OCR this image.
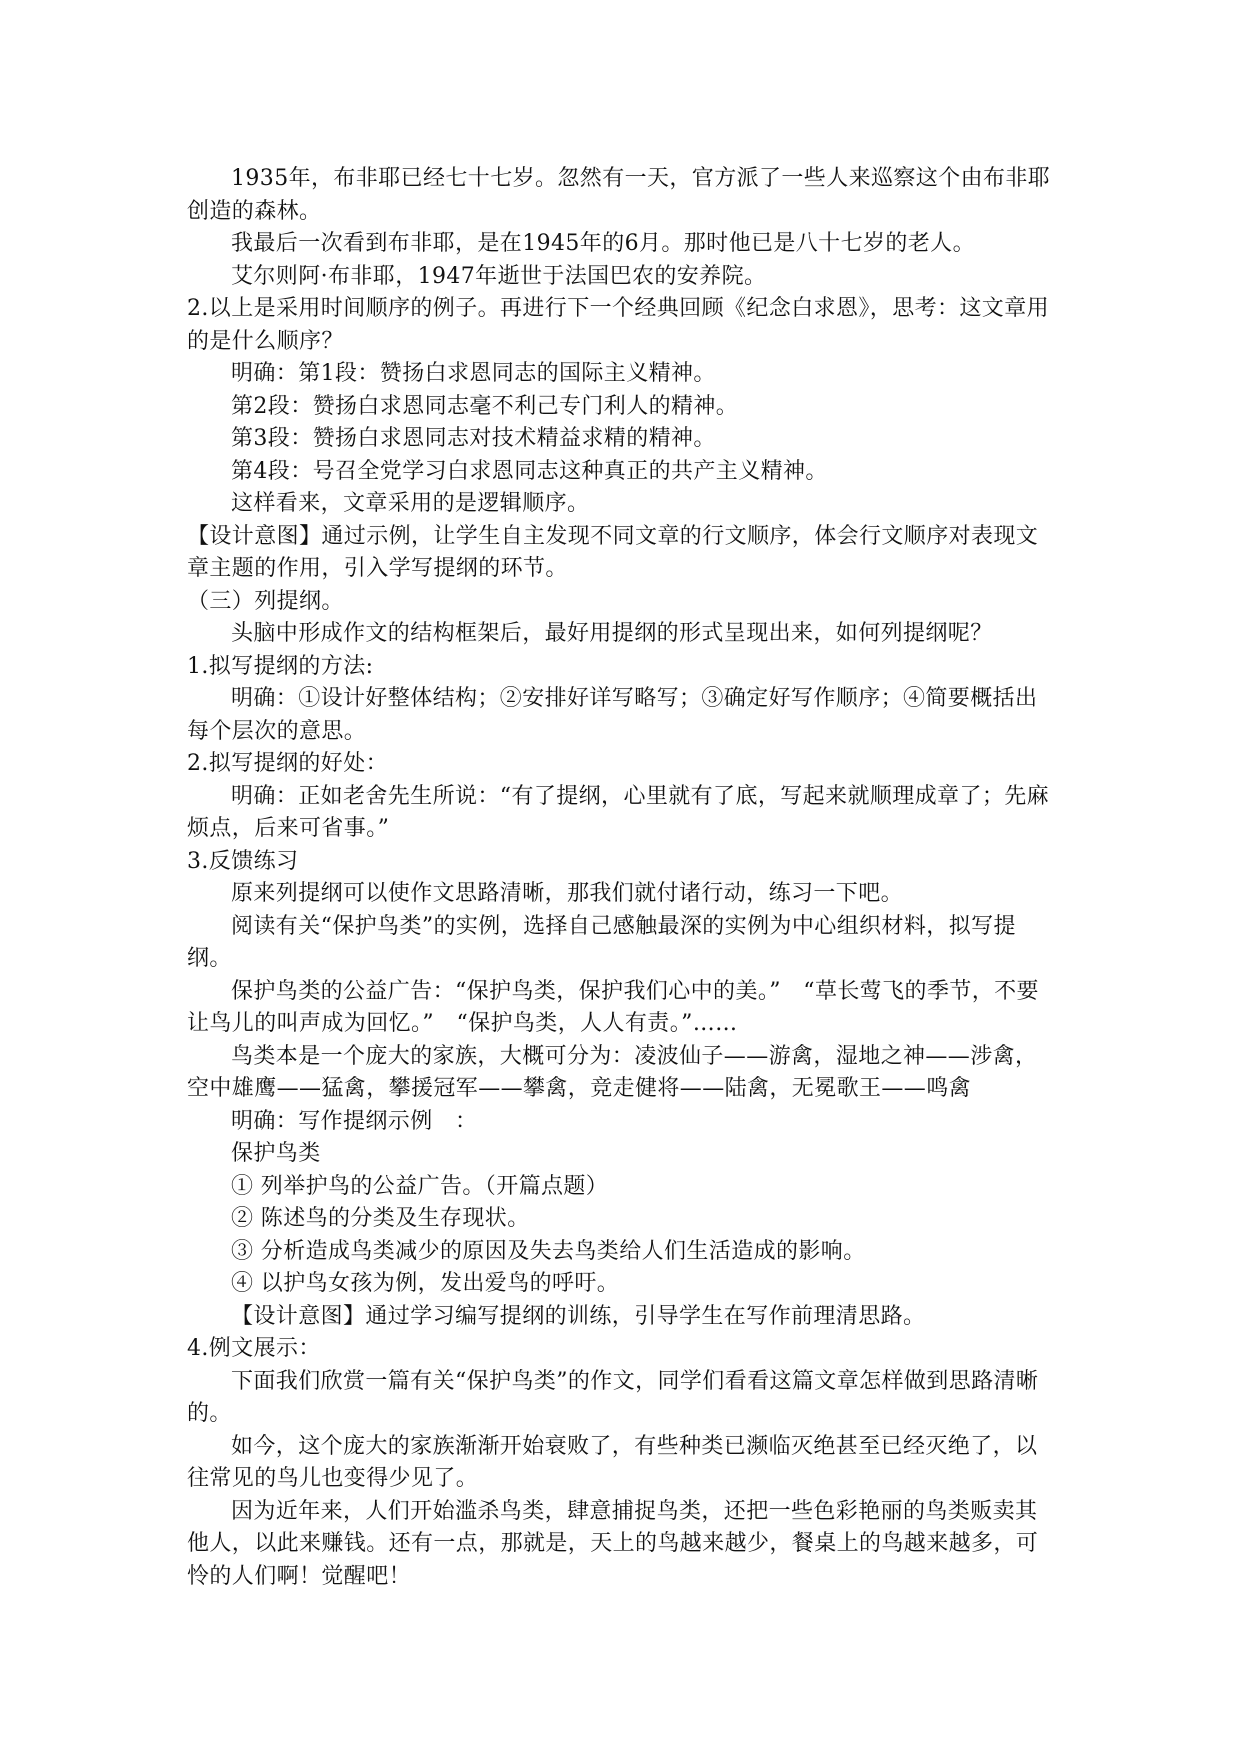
1935年，布非耶已经七十七岁。忽然有一天，官方派了一些人来巡察这个由布非耶创造的森林。

我最后一次看到布非耶，是在1945年的6月。那时他已是八十七岁的老人。

艾尔则阿·布非耶，1947年逝世于法国巴农的安养院。

2.以上是采用时间顺序的例子。再进行下一个经典回顾《纪念白求恩》，思考：这文章用的是什么顺序？

明确：第1段：赞扬白求恩同志的国际主义精神。

第2段：赞扬白求恩同志毫不利己专门利人的精神。

第3段：赞扬白求恩同志对技术精益求精的精神。

第4段：号召全党学习白求恩同志这种真正的共产主义精神。

这样看来，文章采用的是逻辑顺序。

【设计意图】通过示例，让学生自主发现不同文章的行文顺序，体会行文顺序对表现文章主题的作用，引入学写提纲的环节。

（三）列提纲。

头脑中形成作文的结构框架后，最好用提纲的形式呈现出来，如何列提纲呢？

1.拟写提纲的方法:

明确：①设计好整体结构；②安排好详写略写；③确定好写作顺序；④简要概括出每个层次的意思。

2.拟写提纲的好处：

明确：正如老舍先生所说：“有了提纲，心里就有了底，写起来就顺理成章了；先麻烦点，后来可省事。”

3.反馈练习

原来列提纲可以使作文思路清晰，那我们就付诸行动，练习一下吧。

阅读有关“保护鸟类”的实例，选择自己感触最深的实例为中心组织材料，拟写提纲。

保护鸟类的公益广告：“保护鸟类，保护我们心中的美。”　“草长莺飞的季节，不要让鸟儿的叫声成为回忆。”　“保护鸟类，人人有责。”……

鸟类本是一个庞大的家族，大概可分为：凌波仙子——游禽，湿地之神——涉禽，空中雄鹰——猛禽，攀援冠军——攀禽，竞走健将——陆禽，无冕歌王——鸣禽

明确：写作提纲示例　：

保护鸟类

① 列举护鸟的公益广告。（开篇点题）

② 陈述鸟的分类及生存现状。

③ 分析造成鸟类减少的原因及失去鸟类给人们生活造成的影响。

④ 以护鸟女孩为例，发出爱鸟的呼吁。

【设计意图】通过学习编写提纲的训练，引导学生在写作前理清思路。

4.例文展示：

下面我们欣赏一篇有关“保护鸟类”的作文，同学们看看这篇文章怎样做到思路清晰的。

如今，这个庞大的家族渐渐开始衰败了，有些种类已濒临灭绝甚至已经灭绝了，以往常见的鸟儿也变得少见了。

因为近年来，人们开始滥杀鸟类，肆意捕捉鸟类，还把一些色彩艳丽的鸟类贩卖其他人，以此来赚钱。还有一点，那就是，天上的鸟越来越少，餐桌上的鸟越来越多，可怜的人们啊！觉醒吧！
